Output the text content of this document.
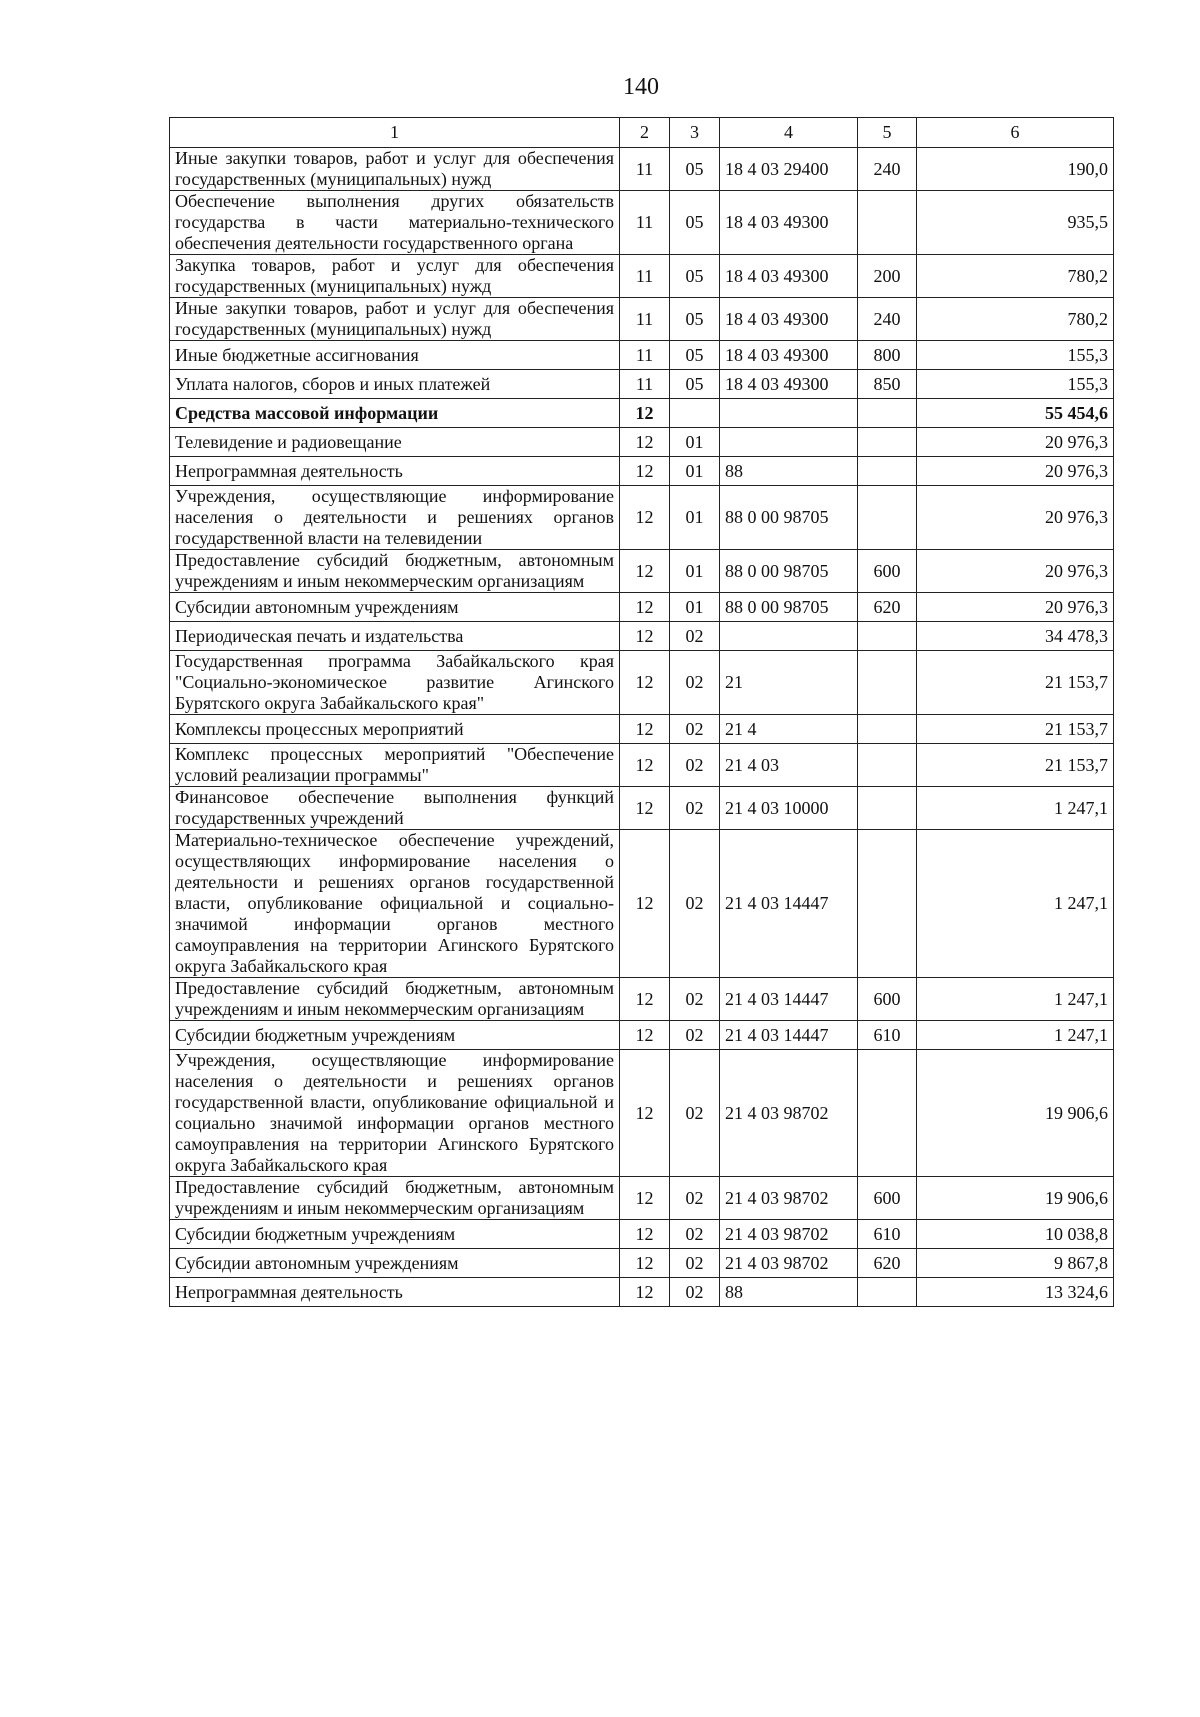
140
1	2	3	4	5	6
Иные закупки товаров, работ и услуг для обеспечения государственных (муниципальных) нужд	11	05	18 4 03 29400	240	190,0
Обеспечение выполнения других обязательств государства в части материально-технического обеспечения деятельности государственного органа	11	05	18 4 03 49300		935,5
Закупка товаров, работ и услуг для обеспечения государственных (муниципальных) нужд	11	05	18 4 03 49300	200	780,2
Иные закупки товаров, работ и услуг для обеспечения государственных (муниципальных) нужд	11	05	18 4 03 49300	240	780,2
Иные бюджетные ассигнования	11	05	18 4 03 49300	800	155,3
Уплата налогов, сборов и иных платежей	11	05	18 4 03 49300	850	155,3
Средства массовой информации	12				55 454,6
Телевидение и радиовещание	12	01			20 976,3
Непрограммная деятельность	12	01	88		20 976,3
Учреждения, осуществляющие информирование населения о деятельности и решениях органов государственной власти на телевидении	12	01	88 0 00 98705		20 976,3
Предоставление субсидий бюджетным, автономным учреждениям и иным некоммерческим организациям	12	01	88 0 00 98705	600	20 976,3
Субсидии автономным учреждениям	12	01	88 0 00 98705	620	20 976,3
Периодическая печать и издательства	12	02			34 478,3
Государственная программа Забайкальского края "Социально-экономическое развитие Агинского Бурятского округа Забайкальского края"	12	02	21		21 153,7
Комплексы процессных мероприятий	12	02	21 4		21 153,7
Комплекс процессных мероприятий "Обеспечение условий реализации программы"	12	02	21 4 03		21 153,7
Финансовое обеспечение выполнения функций государственных учреждений	12	02	21 4 03 10000		1 247,1
Материально-техническое обеспечение учреждений, осуществляющих информирование населения о деятельности и решениях органов государственной власти, опубликование официальной и социально-значимой информации органов местного самоуправления на территории Агинского Бурятского округа Забайкальского края	12	02	21 4 03 14447		1 247,1
Предоставление субсидий бюджетным, автономным учреждениям и иным некоммерческим организациям	12	02	21 4 03 14447	600	1 247,1
Субсидии бюджетным учреждениям	12	02	21 4 03 14447	610	1 247,1
Учреждения, осуществляющие информирование населения о деятельности и решениях органов государственной власти, опубликование официальной и социально значимой информации органов местного самоуправления на территории Агинского Бурятского округа Забайкальского края	12	02	21 4 03 98702		19 906,6
Предоставление субсидий бюджетным, автономным учреждениям и иным некоммерческим организациям	12	02	21 4 03 98702	600	19 906,6
Субсидии бюджетным учреждениям	12	02	21 4 03 98702	610	10 038,8
Субсидии автономным учреждениям	12	02	21 4 03 98702	620	9 867,8
Непрограммная деятельность	12	02	88		13 324,6
